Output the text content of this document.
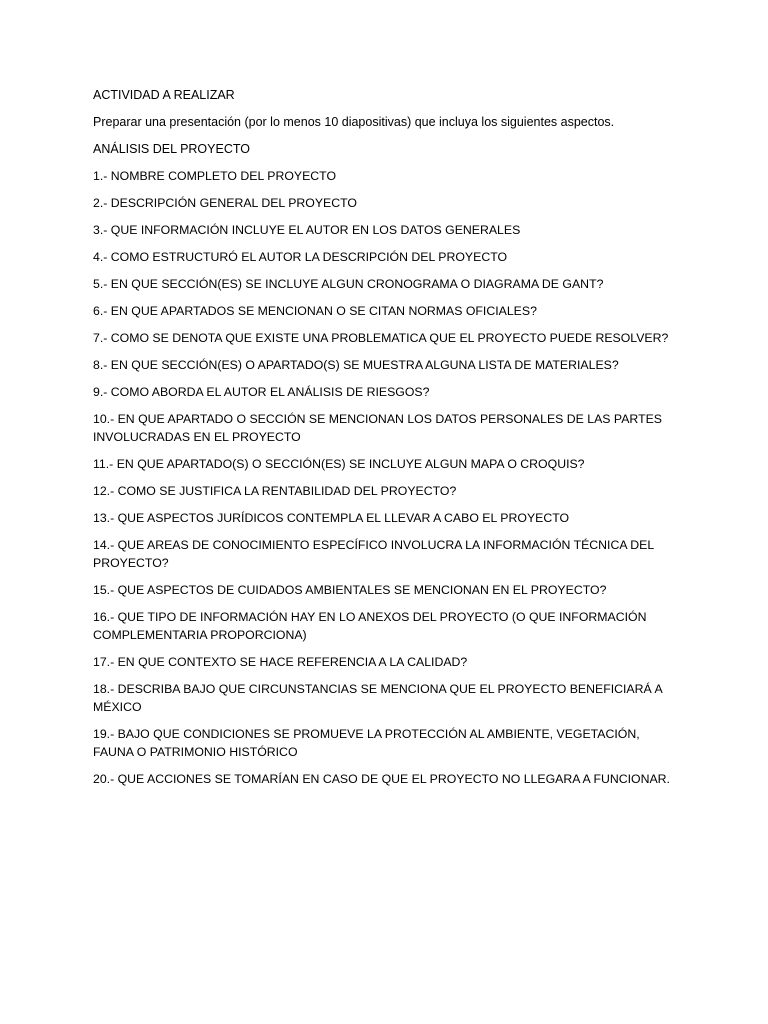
ACTIVIDAD A REALIZAR

Preparar una presentación (por lo menos 10 diapositivas) que incluya los siguientes aspectos.

ANÁLISIS DEL PROYECTO

1.- NOMBRE COMPLETO DEL PROYECTO
2.- DESCRIPCIÓN GENERAL DEL PROYECTO
3.- QUE INFORMACIÓN INCLUYE EL AUTOR EN LOS DATOS GENERALES
4.- COMO ESTRUCTURÓ EL AUTOR LA DESCRIPCIÓN DEL PROYECTO
5.- EN QUE SECCIÓN(ES) SE INCLUYE ALGUN CRONOGRAMA O DIAGRAMA DE GANT?
6.- EN QUE APARTADOS SE MENCIONAN O SE CITAN NORMAS OFICIALES?
7.- COMO SE DENOTA QUE EXISTE UNA PROBLEMATICA QUE EL PROYECTO PUEDE RESOLVER?
8.- EN QUE SECCIÓN(ES) O APARTADO(S) SE MUESTRA ALGUNA LISTA DE MATERIALES?
9.- COMO ABORDA EL AUTOR EL ANÁLISIS DE RIESGOS?
10.- EN QUE APARTADO O SECCIÓN SE MENCIONAN LOS DATOS PERSONALES DE LAS PARTES INVOLUCRADAS EN EL PROYECTO
11.- EN QUE APARTADO(S) O SECCIÓN(ES) SE INCLUYE ALGUN MAPA O CROQUIS?
12.- COMO SE JUSTIFICA LA RENTABILIDAD DEL PROYECTO?
13.- QUE ASPECTOS JURÍDICOS CONTEMPLA EL LLEVAR A CABO EL PROYECTO
14.- QUE AREAS DE CONOCIMIENTO ESPECÍFICO INVOLUCRA LA INFORMACIÓN TÉCNICA DEL PROYECTO?
15.- QUE ASPECTOS DE CUIDADOS AMBIENTALES SE MENCIONAN EN EL PROYECTO?
16.- QUE TIPO DE INFORMACIÓN HAY EN LO ANEXOS DEL PROYECTO (O QUE INFORMACIÓN COMPLEMENTARIA PROPORCIONA)
17.- EN QUE CONTEXTO SE HACE REFERENCIA A LA CALIDAD?
18.- DESCRIBA BAJO QUE CIRCUNSTANCIAS SE MENCIONA QUE EL PROYECTO BENEFICIARÁ A MÉXICO
19.- BAJO QUE CONDICIONES SE PROMUEVE LA PROTECCIÓN AL AMBIENTE, VEGETACIÓN, FAUNA O PATRIMONIO HISTÓRICO
20.- QUE ACCIONES SE TOMARÍAN EN CASO DE QUE EL PROYECTO NO LLEGARA A FUNCIONAR.
